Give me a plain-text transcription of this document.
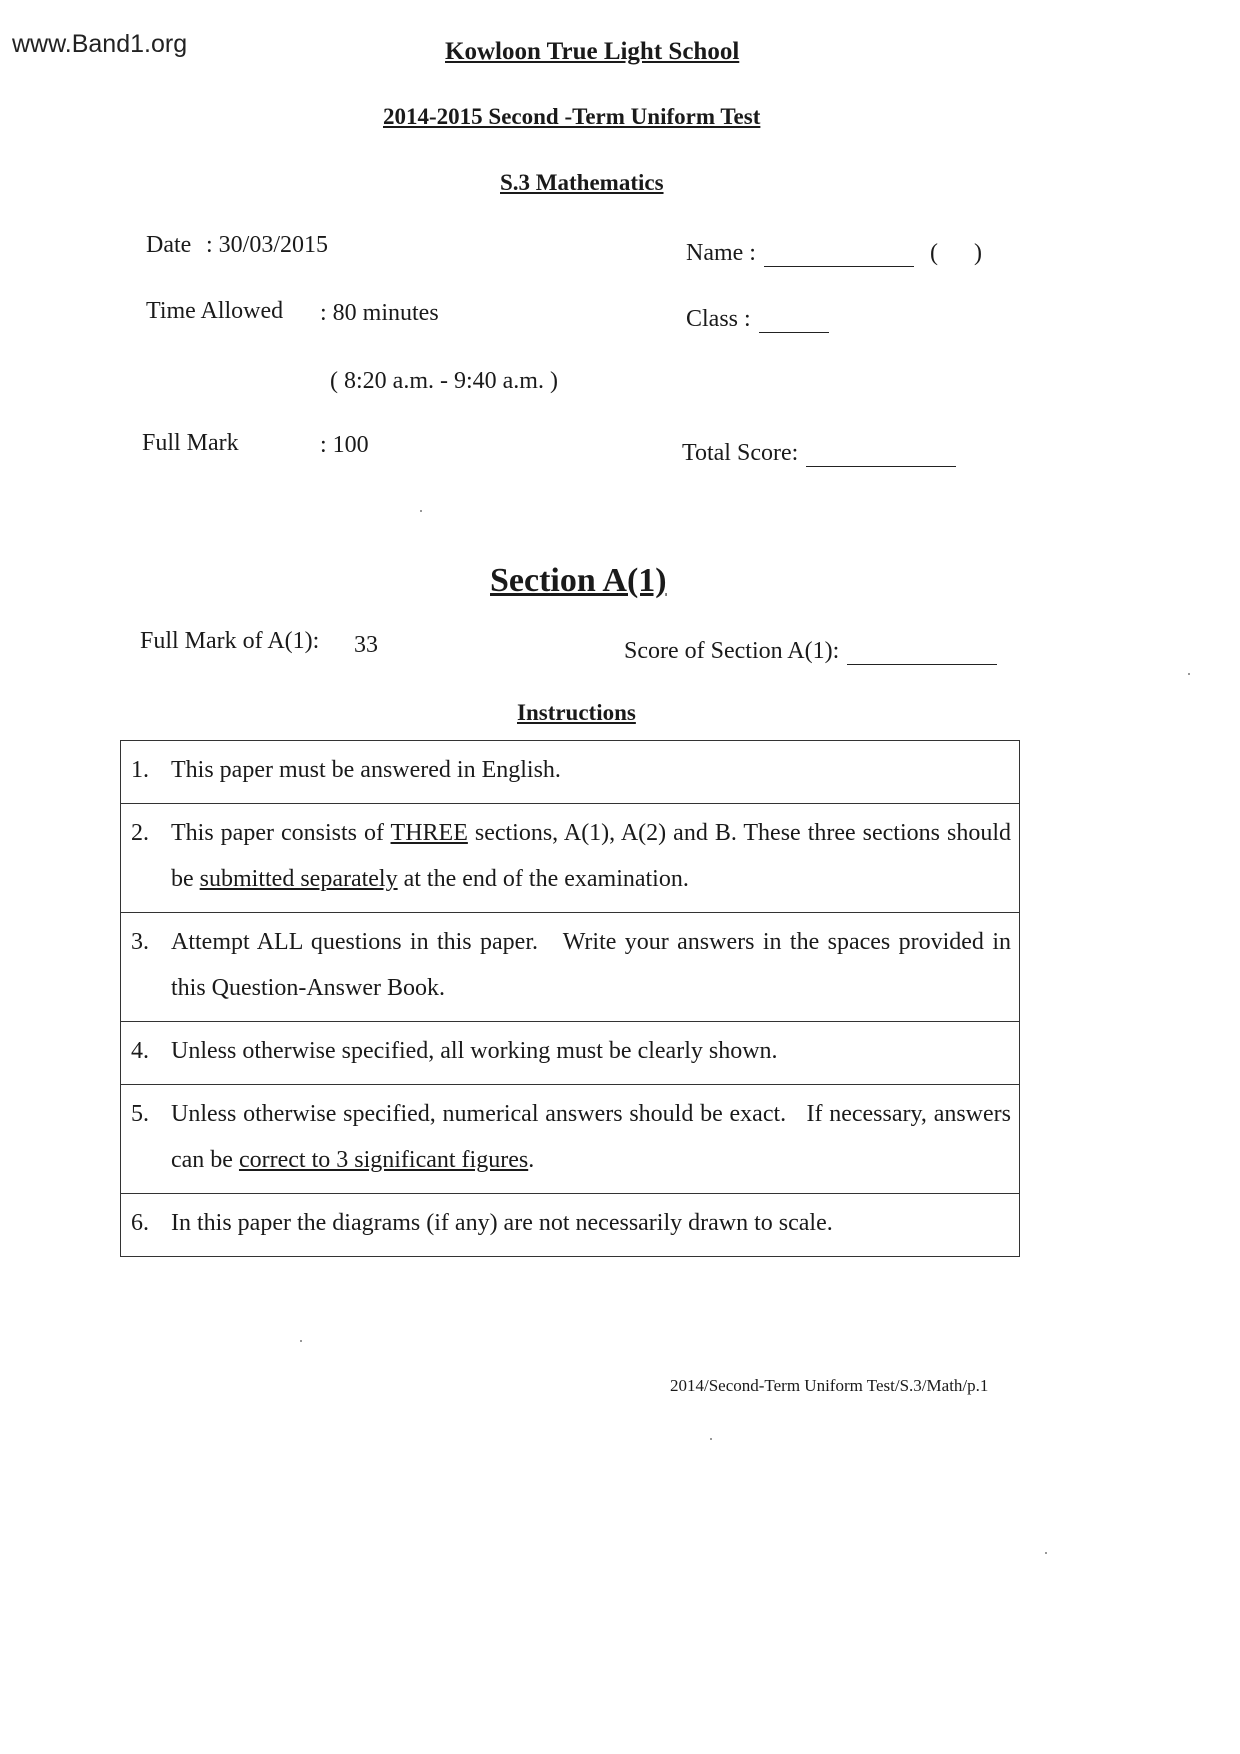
www.Band1.org	Kowloon True Light School
2014-2015 Second -Term Uniform Test
S.3 Mathematics
Date : 30/03/2015
Time Allowed : 80 minutes
( 8:20 a.m. - 9:40 a.m. )
Full Mark	: 100
Name :	(      )
Class :
Total Score:
Section A(1)
Full Mark of A(1): 33	Score of Section A(1):
Instructions
1.	This paper must be answered in English.
2.	This paper consists of THREE sections, A(1), A(2) and B. These three sections should be submitted separately at the end of the examination.
3.	Attempt ALL questions in this paper.   Write your answers in the spaces provided in this Question-Answer Book.
4.	Unless otherwise specified, all working must be clearly shown.
5.	Unless otherwise specified, numerical answers should be exact.   If necessary, answers can be correct to 3 significant figures.
6.	In this paper the diagrams (if any) are not necessarily drawn to scale.
2014/Second-Term Uniform Test/S.3/Math/p.1
